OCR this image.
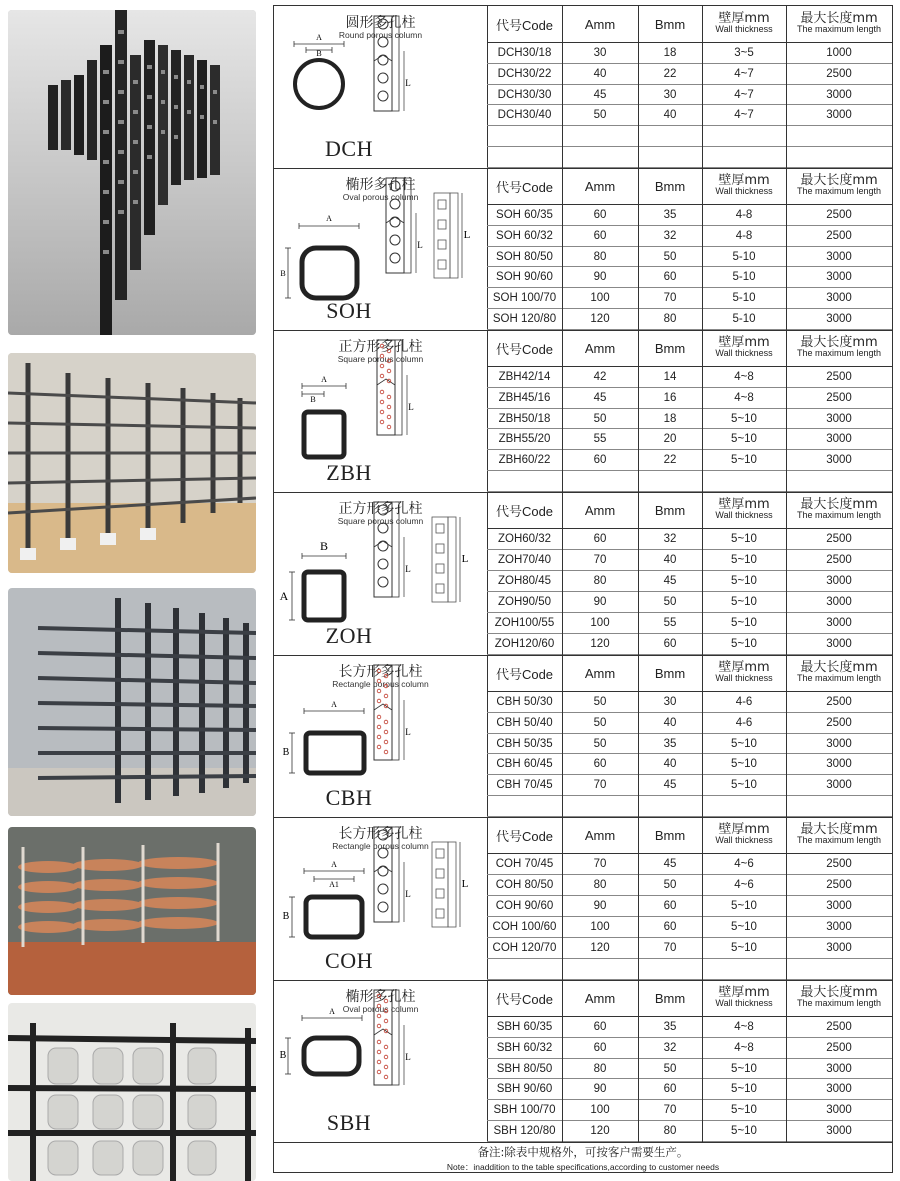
圆形多孔柱
Round porous column
A
B
L
DCH
代号Code	Amm	Bmm	壁厚mm
Wall thickness
最大长度mm
The maximum length
DCH30/18	30	18	3~5	1000
DCH30/22	40	22	4~7	2500
DCH30/30	45	30	4~7	3000
DCH30/40	50	40	4~7	3000
椭形多孔柱
Oval porous column
A
B
L
L
SOH
代号Code	Amm	Bmm	壁厚mm
Wall thickness
最大长度mm
The maximum length
SOH 60/35	60	35	4-8	2500
SOH 60/32	60	32	4-8	2500
SOH 80/50	80	50	5-10	3000
SOH 90/60	90	60	5-10	3000
SOH 100/70	100	70	5-10	3000
SOH 120/80	120	80	5-10	3000
正方形多孔柱
Square porous column
A
B
L
ZBH
代号Code	Amm	Bmm	壁厚mm
Wall thickness
最大长度mm
The maximum length
ZBH42/14	42	14	4~8	2500
ZBH45/16	45	16	4~8	2500
ZBH50/18	50	18	5~10	3000
ZBH55/20	55	20	5~10	3000
ZBH60/22	60	22	5~10	3000
正方形多孔柱
Square porous column
B
A
L
L
ZOH
代号Code	Amm	Bmm	壁厚mm
Wall thickness
最大长度mm
The maximum length
ZOH60/32	60	32	5~10	2500
ZOH70/40	70	40	5~10	2500
ZOH80/45	80	45	5~10	3000
ZOH90/50	90	50	5~10	3000
ZOH100/55	100	55	5~10	3000
ZOH120/60	120	60	5~10	3000
长方形多孔柱
Rectangle porous column
A
B
L
CBH
代号Code	Amm	Bmm	壁厚mm
Wall thickness
最大长度mm
The maximum length
CBH 50/30	50	30	4-6	2500
CBH 50/40	50	40	4-6	2500
CBH 50/35	50	35	5~10	3000
CBH 60/45	60	40	5~10	3000
CBH 70/45	70	45	5~10	3000
长方形多孔柱
Rectangle porous column
A
A1
B
L
L
COH
代号Code	Amm	Bmm	壁厚mm
Wall thickness
最大长度mm
The maximum length
COH 70/45	70	45	4~6	2500
COH 80/50	80	50	4~6	2500
COH 90/60	90	60	5~10	3000
COH 100/60	100	60	5~10	3000
COH 120/70	120	70	5~10	3000
椭形多孔柱
Oval porous column
A
B	L
SBH
代号Code	Amm	Bmm	壁厚mm
Wall thickness
最大长度mm
The maximum length
SBH 60/35	60	35	4~8	2500
SBH 60/32	60	32	4~8	2500
SBH 80/50	80	50	5~10	3000
SBH 90/60	90	60	5~10	3000
SBH 100/70	100	70	5~10	3000
SBH 120/80	120	80	5~10	3000
备注:除表中规格外，可按客户需要生产。
Note：inaddition to the table specifications,according to customer needs
